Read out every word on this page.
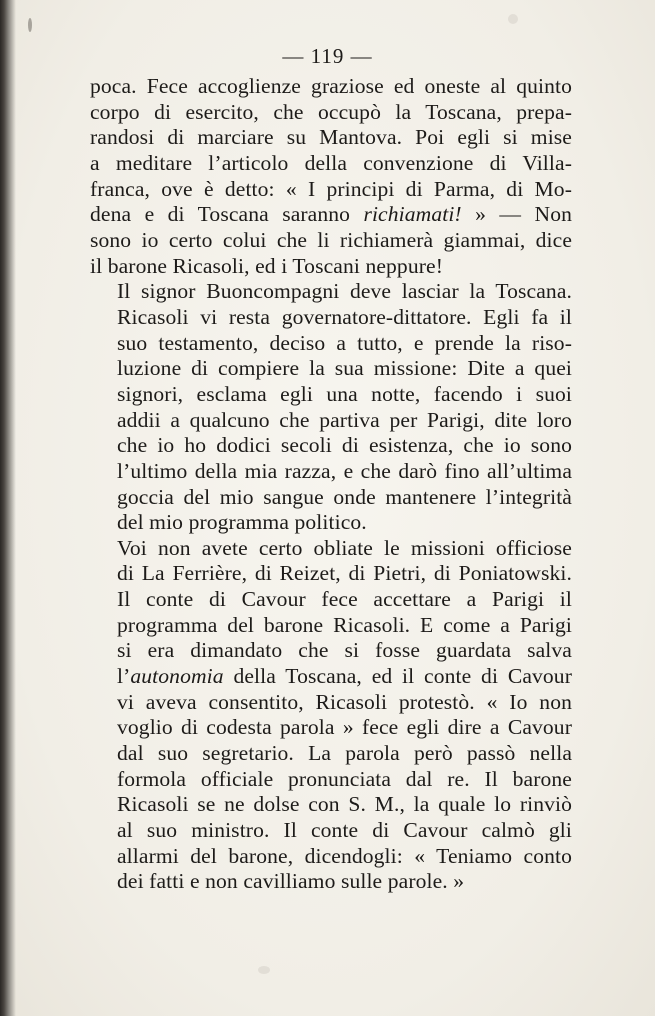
— 119 —

poca. Fece accoglienze graziose ed oneste al quinto
corpo di esercito, che occupò la Toscana, prepa-
randosi di marciare su Mantova. Poi egli si mise
a meditare l’articolo della convenzione di Villa-
franca, ove è detto: « I principi di Parma, di Mo-
dena e di Toscana saranno richiamati! » — Non
sono io certo colui che li richiamerà giammai, dice
il barone Ricasoli, ed i Toscani neppure!

Il signor Buoncompagni deve lasciar la Toscana.
Ricasoli vi resta governatore-dittatore. Egli fa il
suo testamento, deciso a tutto, e prende la riso-
luzione di compiere la sua missione: Dite a quei
signori, esclama egli una notte, facendo i suoi
addii a qualcuno che partiva per Parigi, dite loro
che io ho dodici secoli di esistenza, che io sono
l’ultimo della mia razza, e che darò fino all’ultima
goccia del mio sangue onde mantenere l’integrità
del mio programma politico.

Voi non avete certo obliate le missioni officiose
di La Ferrière, di Reizet, di Pietri, di Poniatowski.
Il conte di Cavour fece accettare a Parigi il
programma del barone Ricasoli. E come a Parigi
si era dimandato che si fosse guardata salva
l’autonomia della Toscana, ed il conte di Cavour
vi aveva consentito, Ricasoli protestò. « Io non
voglio di codesta parola » fece egli dire a Cavour
dal suo segretario. La parola però passò nella
formola officiale pronunciata dal re. Il barone
Ricasoli se ne dolse con S. M., la quale lo rinviò
al suo ministro. Il conte di Cavour calmò gli
allarmi del barone, dicendogli: « Teniamo conto
dei fatti e non cavilliamo sulle parole. »
